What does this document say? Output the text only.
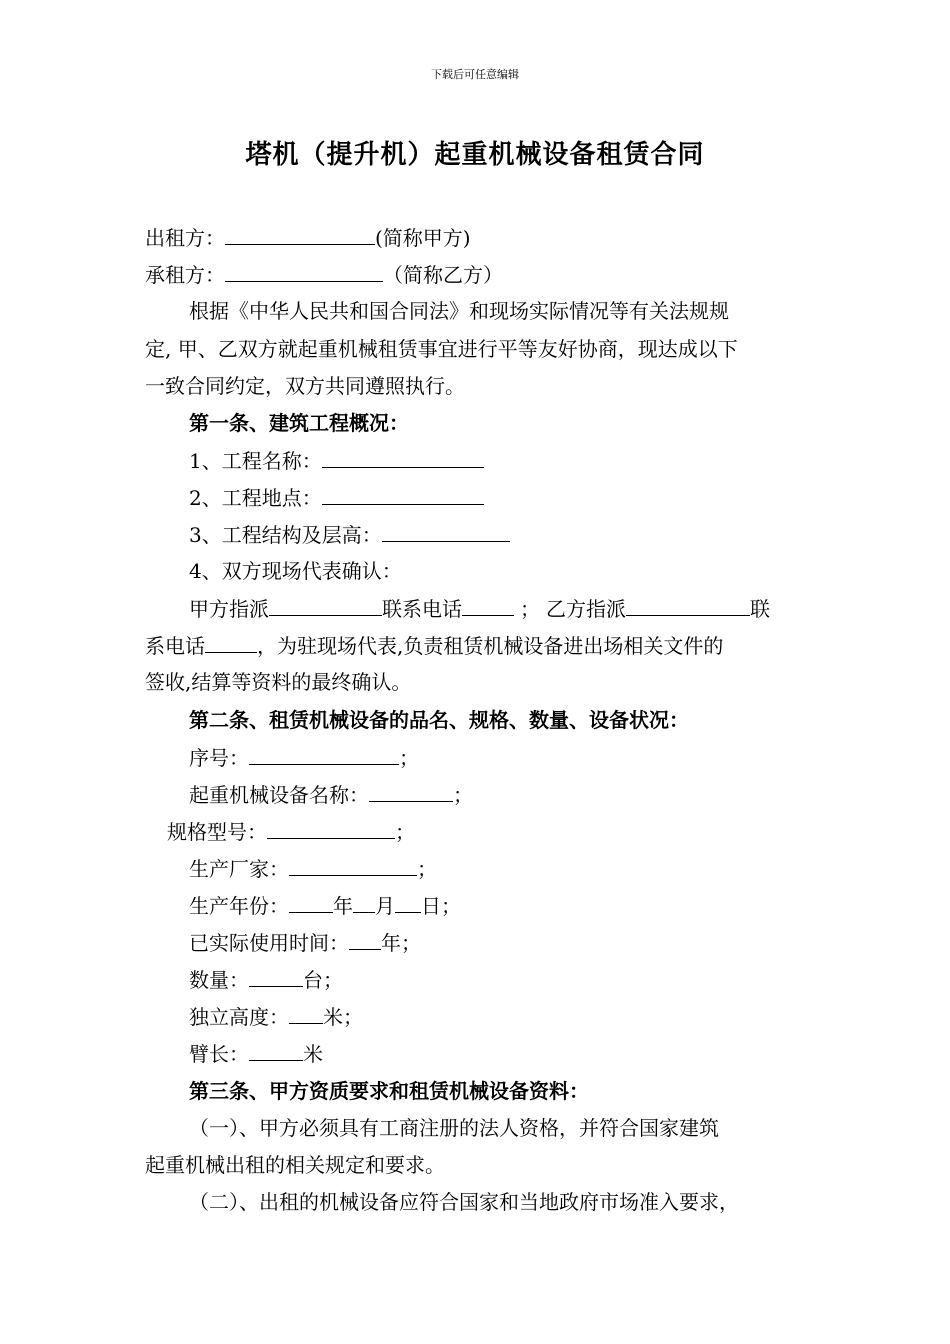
下载后可任意编辑
塔机（提升机）起重机械设备租赁合同
出租方：	(简称甲方)
承租方：	（简称乙方）
根据《中华人民共和国合同法》和现场实际情况等有关法规规
定, 甲、乙双方就起重机械租赁事宜进行平等友好协商，现达成以下
一致合同约定，双方共同遵照执行。
第一条、建筑工程概况：
1、工程名称：
2、工程地点：
3、工程结构及层高：
4、双方现场代表确认：
甲方指派	联系电话	； 乙方指派	联
系电话	，为驻现场代表,负责租赁机械设备进出场相关文件的
签收,结算等资料的最终确认。
第二条、租赁机械设备的品名、规格、数量、设备状况：
序号：	；
起重机械设备名称：	；
规格型号：	；
生产厂家：	；
生产年份： 年 月 日；
已实际使用时间： 年；
数量：	台；
独立高度： 米；
臂长：	米
第三条、甲方资质要求和租赁机械设备资料：
（一）、甲方必须具有工商注册的法人资格，并符合国家建筑
起重机械出租的相关规定和要求。
（二）、出租的机械设备应符合国家和当地政府市场准入要求，
